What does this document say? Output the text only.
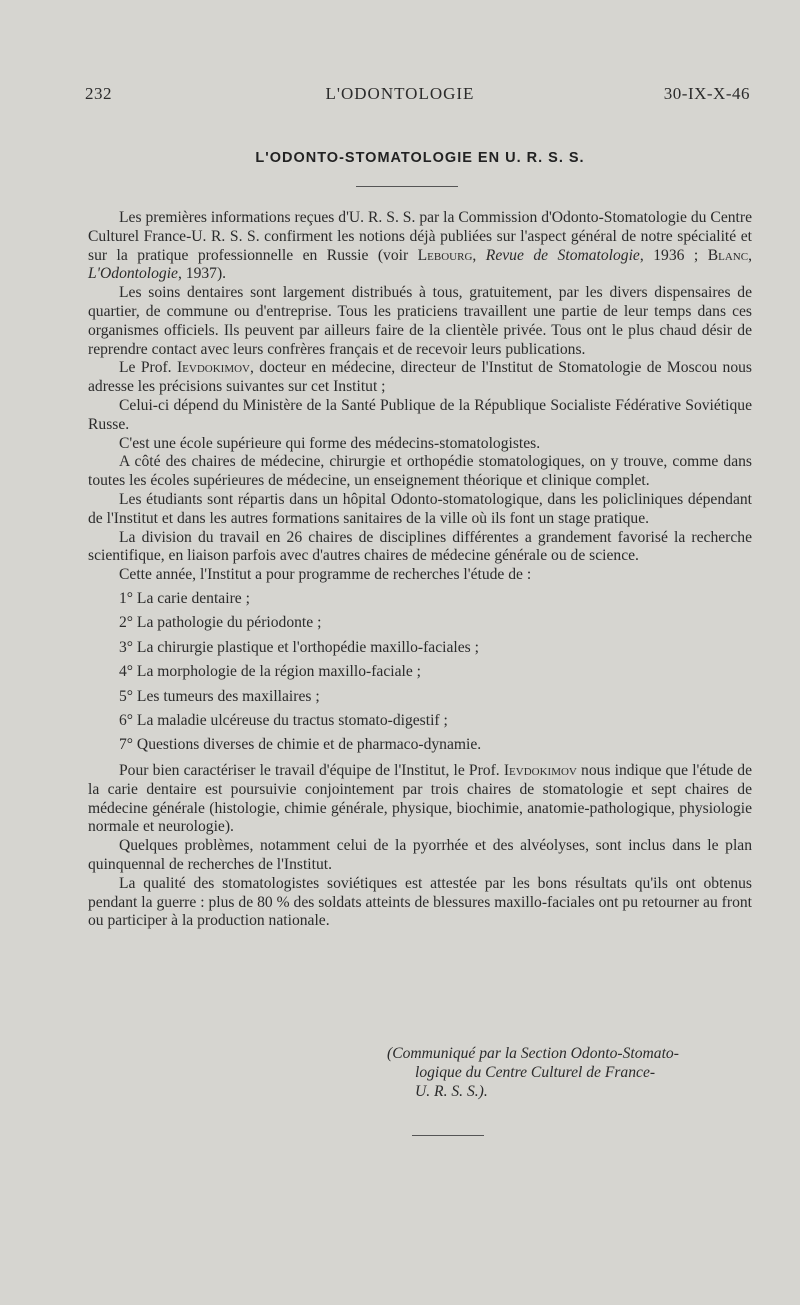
232	L'ODONTOLOGIE	30-IX-X-46
L'ODONTO-STOMATOLOGIE EN U. R. S. S.

Les premières informations reçues d'U. R. S. S. par la Commission d'Odonto-Stomatologie du Centre Culturel France-U. R. S. S. confirment les notions déjà publiées sur l'aspect général de notre spécialité et sur la pratique professionnelle en Russie (voir Lebourg, Revue de Stomatologie, 1936 ; Blanc, L'Odontologie, 1937).

Les soins dentaires sont largement distribués à tous, gratuitement, par les divers dispensaires de quartier, de commune ou d'entreprise. Tous les praticiens travaillent une partie de leur temps dans ces organismes officiels. Ils peuvent par ailleurs faire de la clientèle privée. Tous ont le plus chaud désir de reprendre contact avec leurs confrères français et de recevoir leurs publications.

Le Prof. Ievdokimov, docteur en médecine, directeur de l'Institut de Stomatologie de Moscou nous adresse les précisions suivantes sur cet Institut ;

Celui-ci dépend du Ministère de la Santé Publique de la République Socialiste Fédérative Soviétique Russe.

C'est une école supérieure qui forme des médecins-stomatologistes.

A côté des chaires de médecine, chirurgie et orthopédie stomatologiques, on y trouve, comme dans toutes les écoles supérieures de médecine, un enseignement théorique et clinique complet.

Les étudiants sont répartis dans un hôpital Odonto-stomatologique, dans les policliniques dépendant de l'Institut et dans les autres formations sanitaires de la ville où ils font un stage pratique.

La division du travail en 26 chaires de disciplines différentes a grandement favorisé la recherche scientifique, en liaison parfois avec d'autres chaires de médecine générale ou de science.

Cette année, l'Institut a pour programme de recherches l'étude de :

1° La carie dentaire ;
2° La pathologie du périodonte ;
3° La chirurgie plastique et l'orthopédie maxillo-faciales ;
4° La morphologie de la région maxillo-faciale ;
5° Les tumeurs des maxillaires ;
6° La maladie ulcéreuse du tractus stomato-digestif ;
7° Questions diverses de chimie et de pharmaco-dynamie.

Pour bien caractériser le travail d'équipe de l'Institut, le Prof. Ievdokimov nous indique que l'étude de la carie dentaire est poursuivie conjointement par trois chaires de stomatologie et sept chaires de médecine générale (histologie, chimie générale, physique, biochimie, anatomie-pathologique, physiologie normale et neurologie).

Quelques problèmes, notamment celui de la pyorrhée et des alvéolyses, sont inclus dans le plan quinquennal de recherches de l'Institut.

La qualité des stomatologistes soviétiques est attestée par les bons résultats qu'ils ont obtenus pendant la guerre : plus de 80 % des soldats atteints de blessures maxillo-faciales ont pu retourner au front ou participer à la production nationale.

(Communiqué par la Section Odonto-Stomato-
logique du Centre Culturel de France-
U. R. S. S.).
